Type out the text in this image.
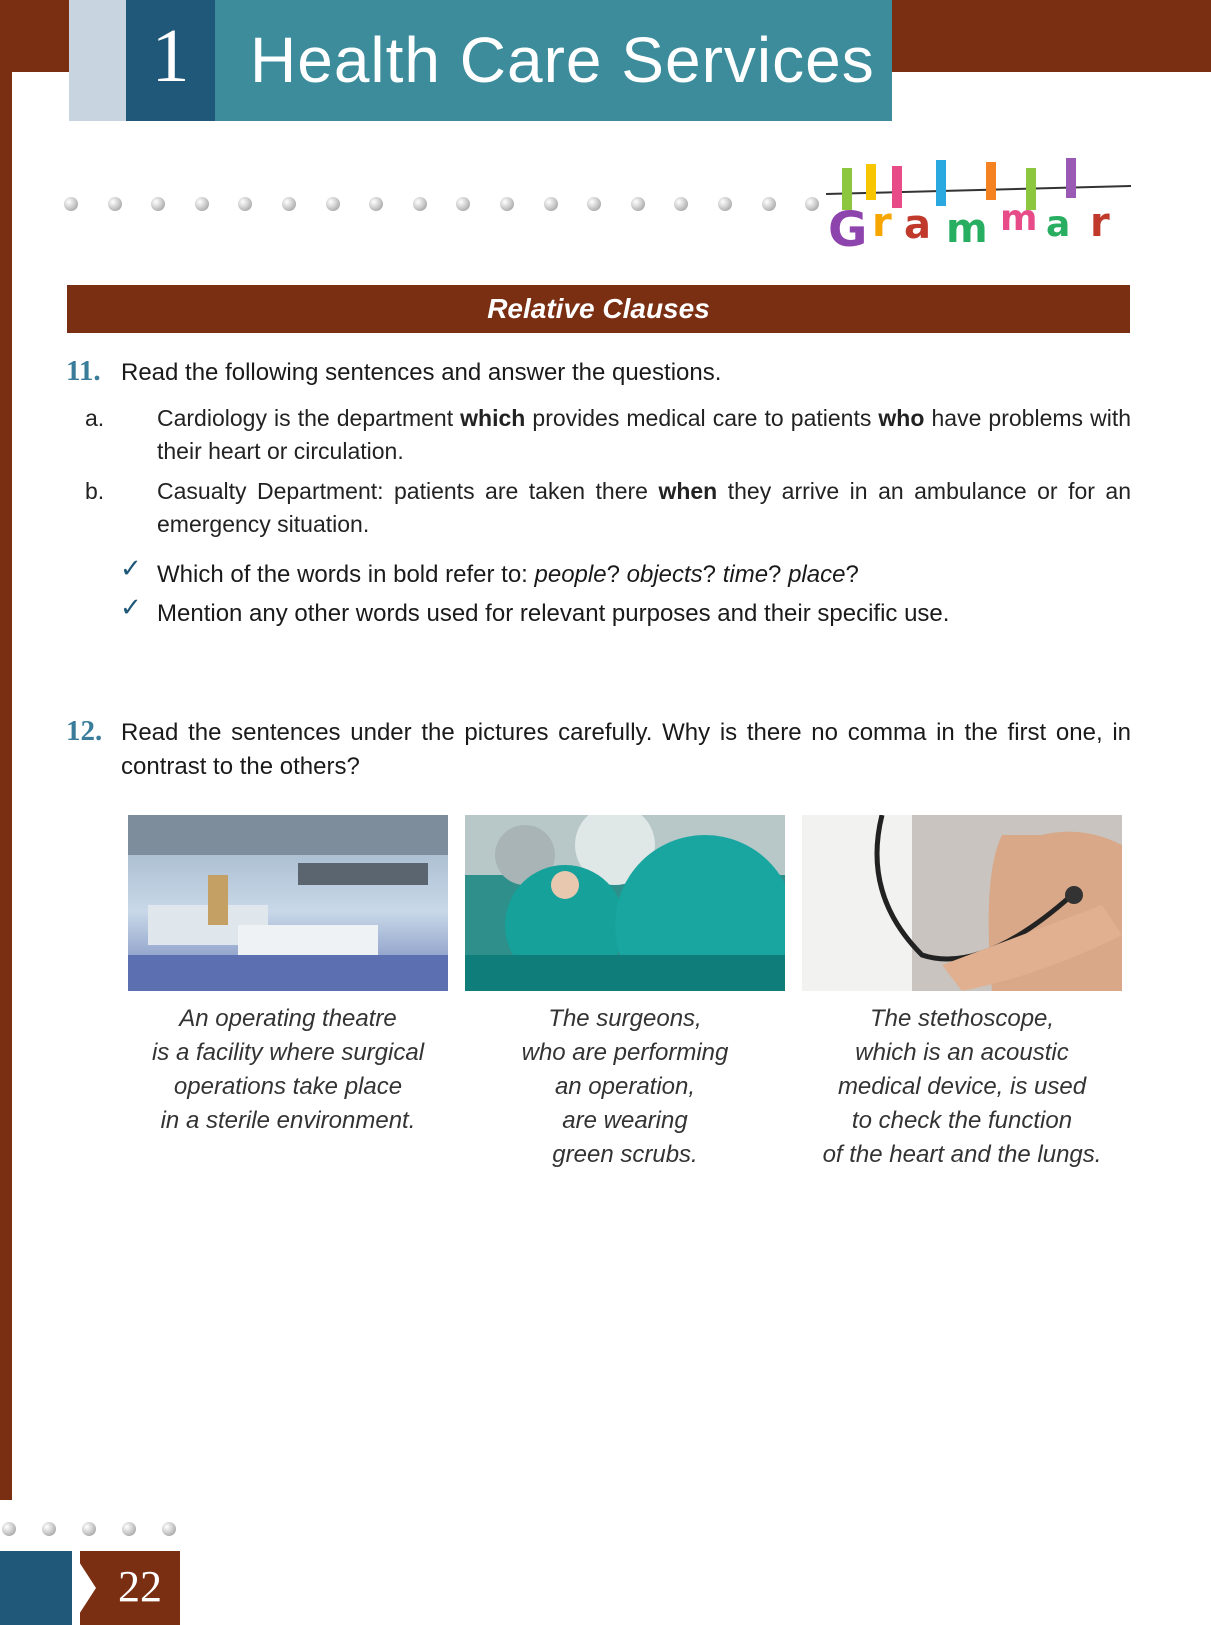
1 Health Care Services
G r a m m a r
Relative Clauses
11. Read the following sentences and answer the questions.
a. Cardiology is the department which provides medical care to patients who have problems with their heart or circulation.
b. Casualty Department: patients are taken there when they arrive in an ambulance or for an emergency situation.
✓ Which of the words in bold refer to: people? objects? time? place?
✓ Mention any other words used for relevant purposes and their specific use.
12. Read the sentences under the pictures carefully. Why is there no comma in the first one, in contrast to the others?
An operating theatre
is a facility where surgical
operations take place
in a sterile environment.
The surgeons,
who are performing
an operation,
are wearing
green scrubs.
The stethoscope,
which is an acoustic
medical device, is used
to check the function
of the heart and the lungs.
22
